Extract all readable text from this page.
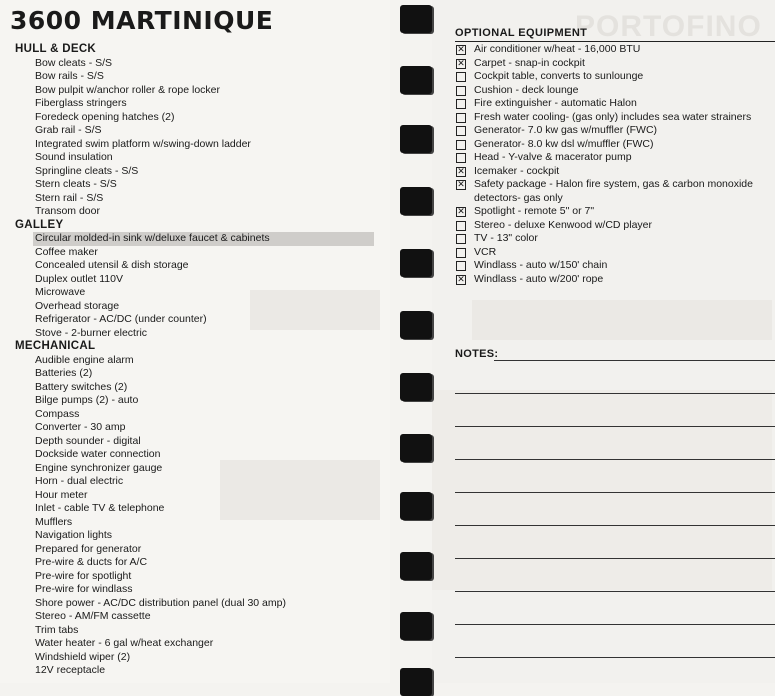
PORTOFINO
3600 MARTINIQUE
HULL & DECK
Bow cleats - S/S
Bow rails - S/S
Bow pulpit w/anchor roller & rope locker
Fiberglass stringers
Foredeck opening hatches (2)
Grab rail - S/S
Integrated swim platform w/swing-down ladder
Sound insulation
Springline cleats - S/S
Stern cleats - S/S
Stern rail - S/S
Transom door
GALLEY
Circular molded-in sink w/deluxe faucet & cabinets
Coffee maker
Concealed utensil & dish storage
Duplex outlet 110V
Microwave
Overhead storage
Refrigerator - AC/DC (under counter)
Stove - 2-burner electric
MECHANICAL
Audible engine alarm
Batteries (2)
Battery switches (2)
Bilge pumps (2) - auto
Compass
Converter - 30 amp
Depth sounder - digital
Dockside water connection
Engine synchronizer gauge
Horn - dual electric
Hour meter
Inlet - cable TV & telephone
Mufflers
Navigation lights
Prepared for generator
Pre-wire & ducts for A/C
Pre-wire for spotlight
Pre-wire for windlass
Shore power - AC/DC distribution panel (dual 30 amp)
Stereo - AM/FM cassette
Trim tabs
Water heater - 6 gal w/heat exchanger
Windshield wiper (2)
12V receptacle
OPTIONAL EQUIPMENT
✕ Air conditioner w/heat - 16,000 BTU
✕ Carpet - snap-in cockpit
Cockpit table, converts to sunlounge
Cushion - deck lounge
Fire extinguisher - automatic Halon
Fresh water cooling- (gas only) includes sea water strainers
Generator- 7.0 kw gas w/muffler (FWC)
Generator- 8.0 kw dsl w/muffler (FWC)
Head - Y-valve & macerator pump
✕ Icemaker - cockpit
✕ Safety package - Halon fire system, gas & carbon monoxide
detectors- gas only
✕ Spotlight - remote 5" or 7"
Stereo - deluxe Kenwood w/CD player
TV - 13" color
VCR
Windlass - auto w/150' chain
✕ Windlass - auto w/200' rope
NOTES:
